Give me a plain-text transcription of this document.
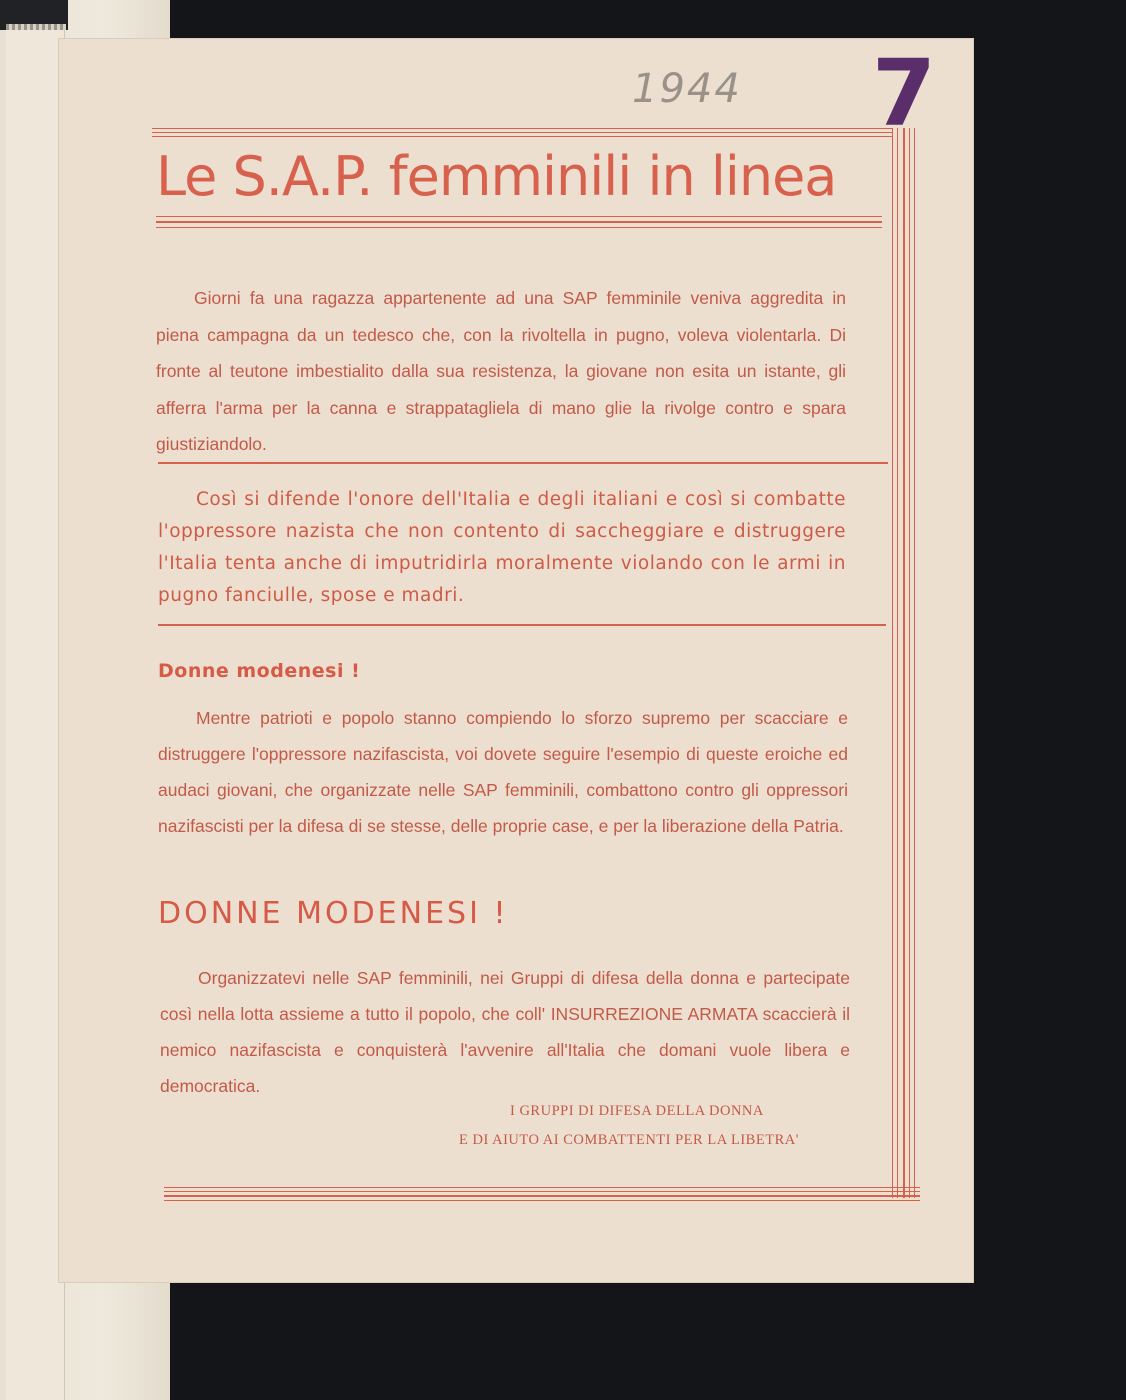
1944 7
Le S.A.P. femminili in linea

Giorni fa una ragazza appartenente ad una SAP femminile veniva aggredita in piena campagna da un tedesco che, con la rivoltella in pugno, voleva violentarla. Di fronte al teutone imbestialito dalla sua resistenza, la giovane non esita un istante, gli afferra l'arma per la canna e strappatagliela di mano glie la rivolge contro e spara giustiziandolo.

Così si difende l'onore dell'Italia e degli italiani e così si combatte l'oppressore nazista che non contento di saccheggiare e distruggere l'Italia tenta anche di imputridirla moralmente violando con le armi in pugno fanciulle, spose e madri.

Donne modenesi !

Mentre patrioti e popolo stanno compiendo lo sforzo supremo per scacciare e distruggere l'oppressore nazifascista, voi dovete seguire l'esempio di queste eroiche ed audaci giovani, che organizzate nelle SAP femminili, combattono contro gli oppressori nazifascisti per la difesa di se stesse, delle proprie case, e per la liberazione della Patria.

DONNE MODENESI !

Organizzatevi nelle SAP femminili, nei Gruppi di difesa della donna e partecipate così nella lotta assieme a tutto il popolo, che coll' INSURREZIONE ARMATA scaccierà il nemico nazifascista e conquisterà l'avvenire all'Italia che domani vuole libera e democratica.

I GRUPPI DI DIFESA DELLA DONNA
E DI AIUTO AI COMBATTENTI PER LA LIBETRA'
